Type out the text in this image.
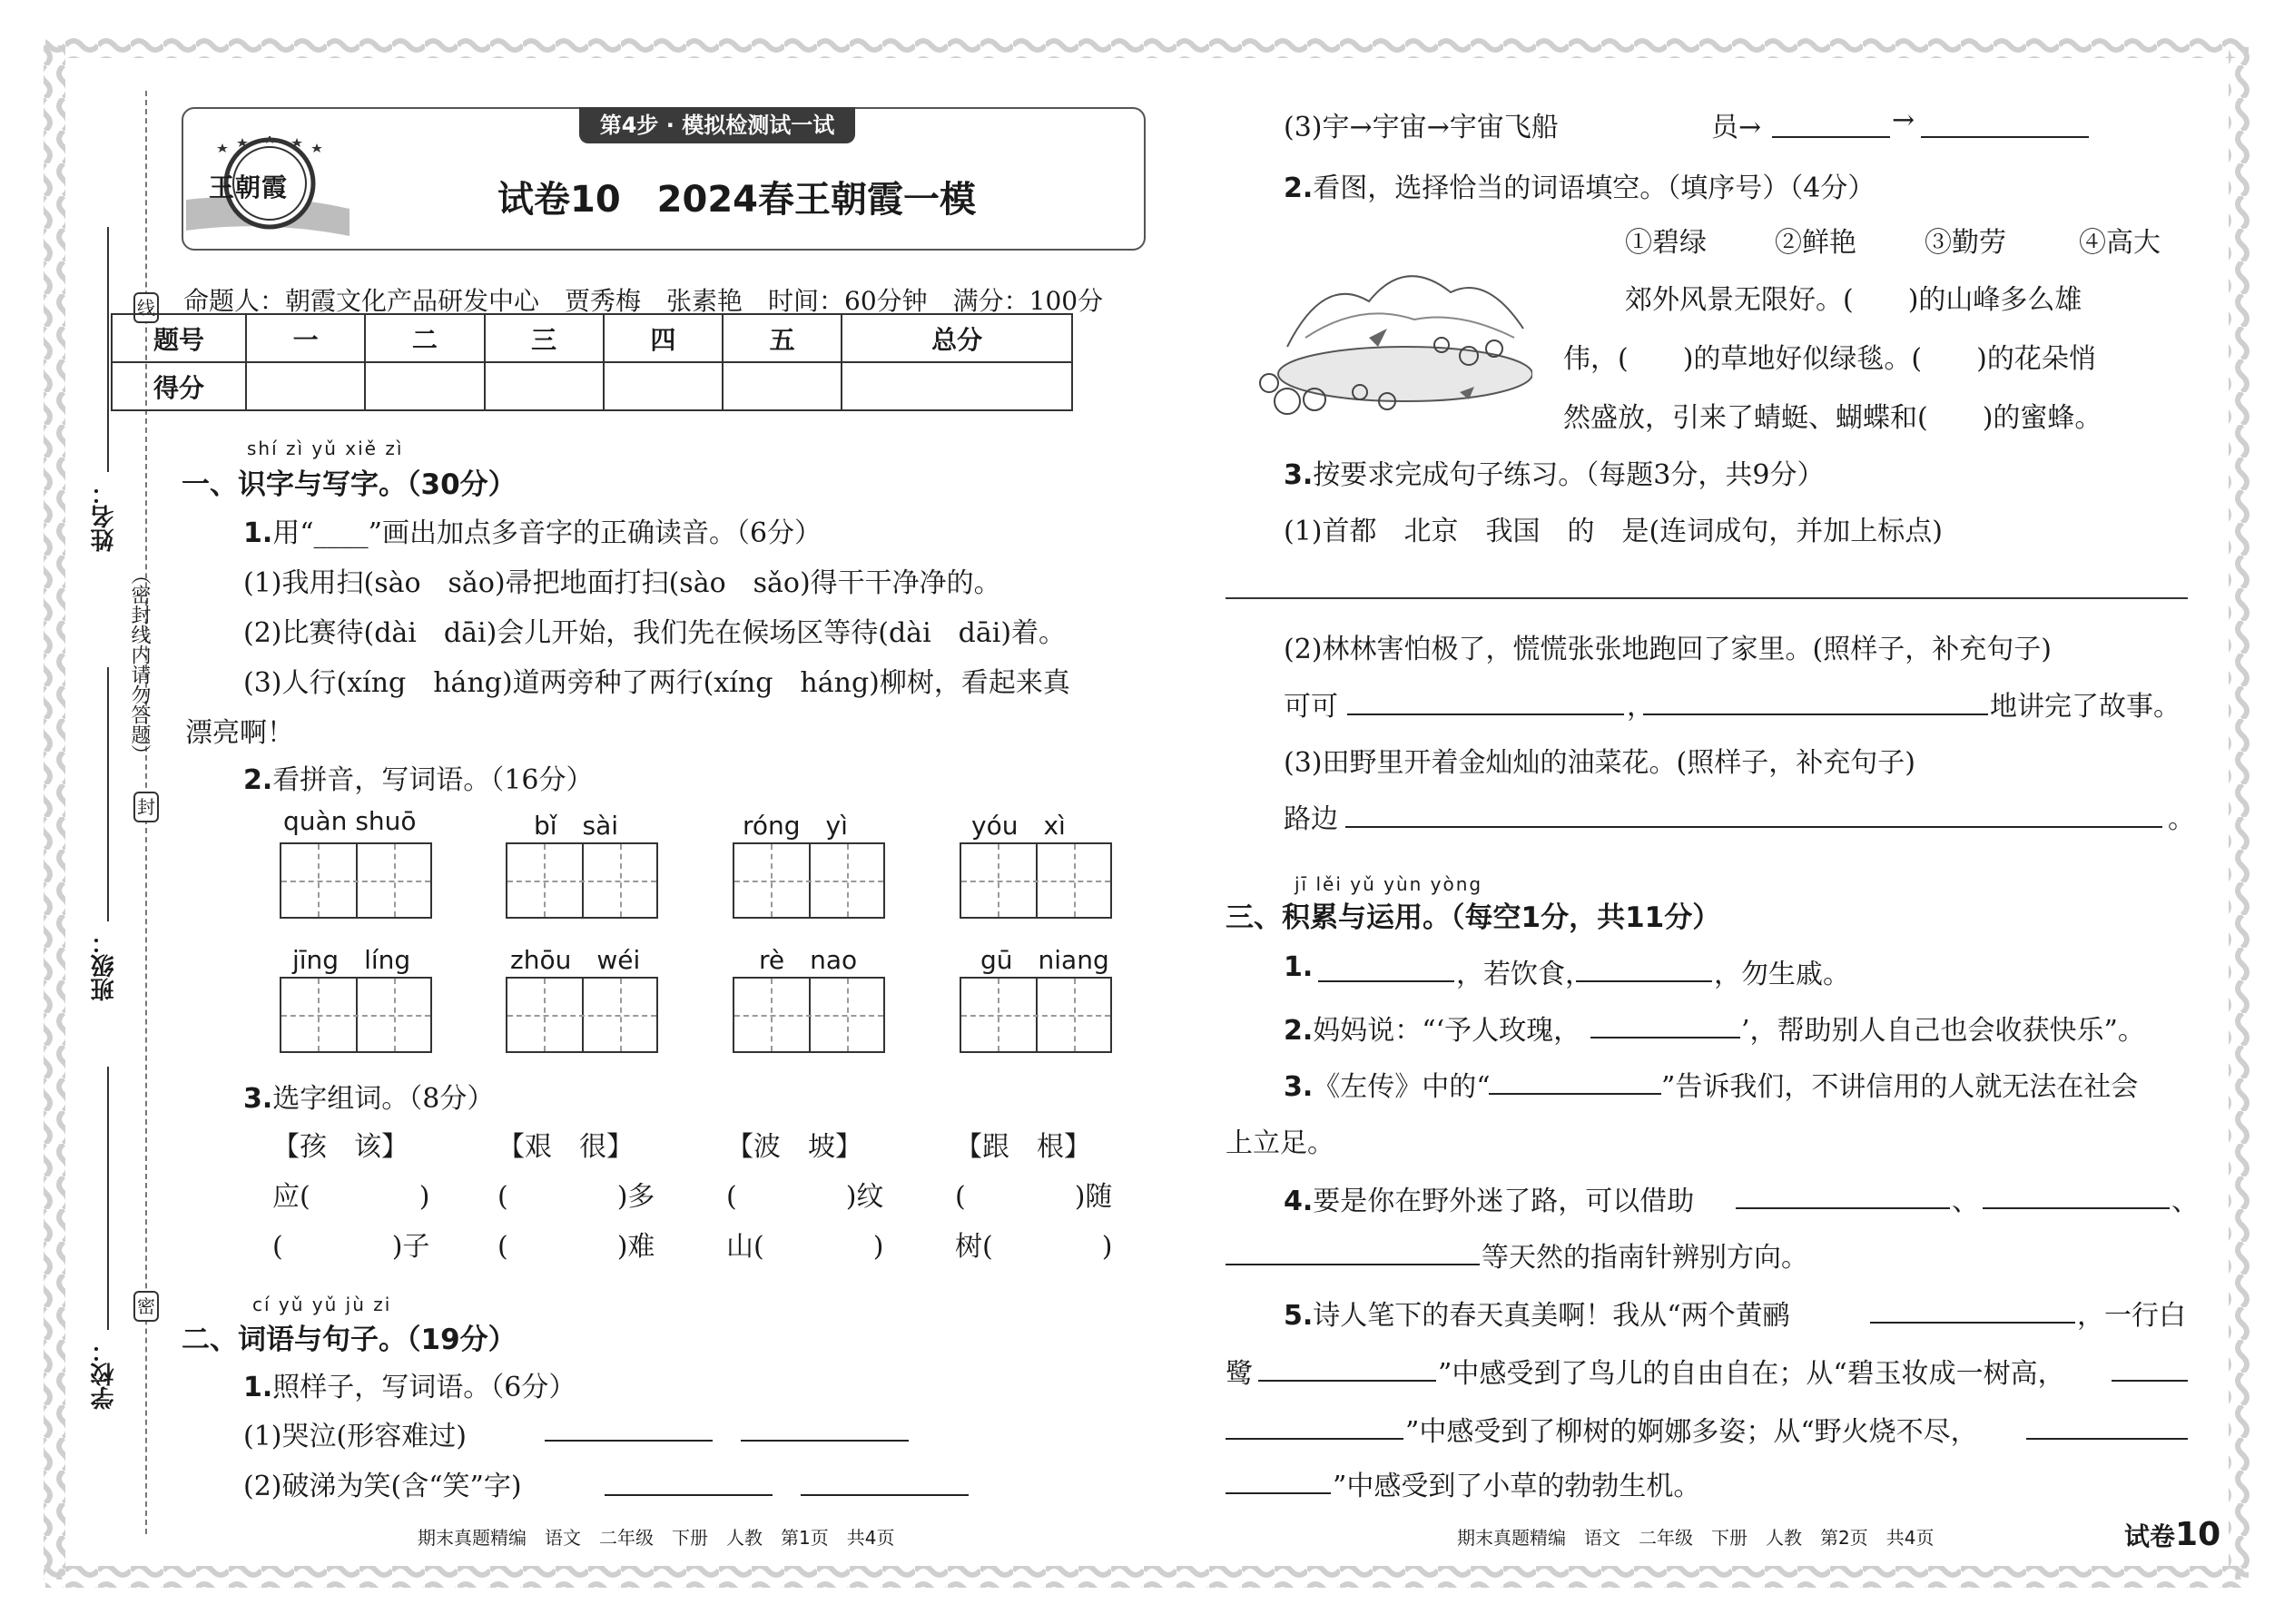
线
封
密
（密封线内请勿答题）
姓名：
班级：
学校：
第4步 · 模拟检测试一试
王朝霞	试卷10　2024春王朝霞一模
命题人：朝霞文化产品研发中心　贾秀梅　张素艳　时间：60分钟　满分：100分
题号	一	二	三	四	五	总分
得分						
shí zì yǔ xiě zì
一、识字与写字。（30分）
1.用“____”画出加点多音字的正确读音。（6分）
(1)我用扫(sào　sǎo)帚把地面打扫(sào　sǎo)得干干净净的。
(2)比赛待(dài　dāi)会儿开始，我们先在候场区等待(dài　dāi)着。
(3)人行(xíng　háng)道两旁种了两行(xíng　háng)柳树，看起来真
漂亮啊！
2.看拼音，写词语。（16分）
quàn shuō	bǐ　sài	róng　yì	yóu　xì
jīng　líng	zhōu　wéi	rè　nao	gū　niang
3.选字组词。（8分）
【孩　该】	【艰　很】	【波　坡】	【跟　根】
应(　　　　) (　　　　)多	(　　　　)纹	(　　　　)随
(　　　　)子 (　　　　)难	山(　　　　)	树(　　　　)
cí yǔ yǔ jù zi
二、词语与句子。（19分）
1.照样子，写词语。（6分）
(1)哭泣(形容难过)
(2)破涕为笑(含“笑”字)
期末真题精编　语文　二年级　下册　人教　第1页　共4页
(3)宇→宇宙→宇宙飞船	员→	→
2.看图，选择恰当的词语填空。（填序号）（4分）
①碧绿	②鲜艳	③勤劳	④高大
郊外风景无限好。(　　)的山峰多么雄
伟，(　　)的草地好似绿毯。(　　)的花朵悄
然盛放，引来了蜻蜓、蝴蝶和(　　)的蜜蜂。
3.按要求完成句子练习。（每题3分，共9分）
(1)首都　北京　我国　的　是(连词成句，并加上标点)
(2)林林害怕极了，慌慌张张地跑回了家里。(照样子，补充句子)
可可	，	地讲完了故事。
(3)田野里开着金灿灿的油菜花。(照样子，补充句子)
路边	。
jī lěi yǔ yùn yòng
三、积累与运用。（每空1分，共11分）
1.	，若饮食，	，勿生戚。
2.妈妈说：“‘予人玫瑰，	’，帮助别人自己也会收获快乐”。
3.《左传》中的“	”告诉我们，不讲信用的人就无法在社会
上立足。
4.要是你在野外迷了路，可以借助	、	、
等天然的指南针辨别方向。
5.诗人笔下的春天真美啊！我从“两个黄鹂	，一行白
鹭	”中感受到了鸟儿的自由自在；从“碧玉妆成一树高，
”中感受到了柳树的婀娜多姿；从“野火烧不尽，
”中感受到了小草的勃勃生机。
期末真题精编　语文　二年级　下册　人教　第2页　共4页	试卷10
